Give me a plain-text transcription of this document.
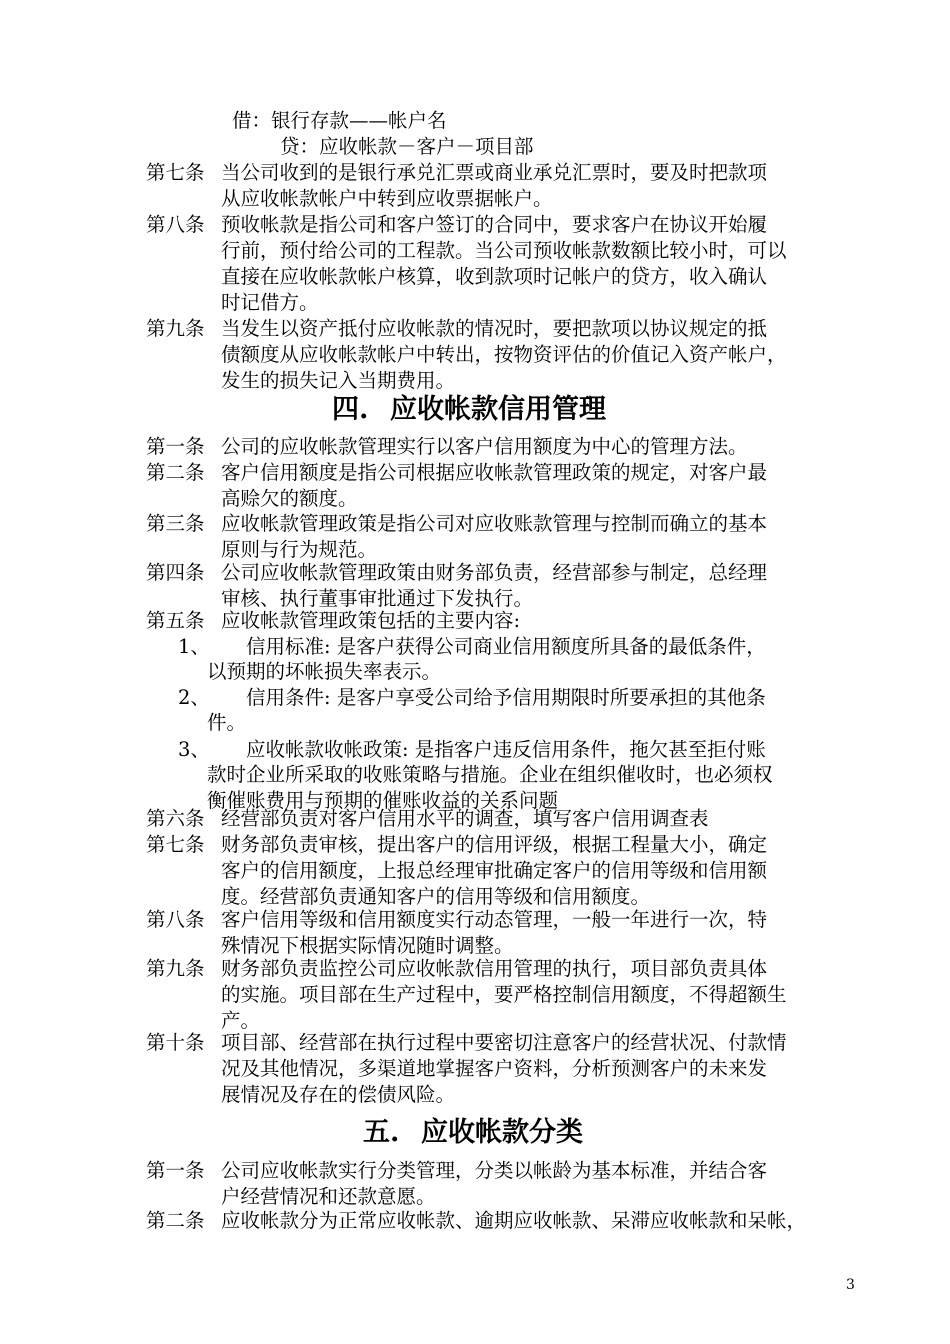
借：银行存款——帐户名
贷：应收帐款－客户－项目部
第七条 当公司收到的是银行承兑汇票或商业承兑汇票时，要及时把款项
从应收帐款帐户中转到应收票据帐户。
第八条 预收帐款是指公司和客户签订的合同中，要求客户在协议开始履
行前，预付给公司的工程款。当公司预收帐款数额比较小时，可以
直接在应收帐款帐户核算，收到款项时记帐户的贷方，收入确认
时记借方。
第九条 当发生以资产抵付应收帐款的情况时，要把款项以协议规定的抵
债额度从应收帐款帐户中转出，按物资评估的价值记入资产帐户，
发生的损失记入当期费用。
四. 应收帐款信用管理
第一条 公司的应收帐款管理实行以客户信用额度为中心的管理方法。
第二条 客户信用额度是指公司根据应收帐款管理政策的规定，对客户最
高赊欠的额度。
第三条 应收帐款管理政策是指公司对应收账款管理与控制而确立的基本
原则与行为规范。
第四条 公司应收帐款管理政策由财务部负责，经营部参与制定，总经理
审核、执行董事审批通过下发执行。
第五条 应收帐款管理政策包括的主要内容:
1、 信用标准: 是客户获得公司商业信用额度所具备的最低条件，
以预期的坏帐损失率表示。
2、 信用条件: 是客户享受公司给予信用期限时所要承担的其他条
件。
3、 应收帐款收帐政策: 是指客户违反信用条件，拖欠甚至拒付账
款时企业所采取的收账策略与措施。企业在组织催收时，也必须权
衡催账费用与预期的催账收益的关系问题
第六条 经营部负责对客户信用水平的调查，填写客户信用调查表
第七条 财务部负责审核，提出客户的信用评级，根据工程量大小，确定
客户的信用额度，上报总经理审批确定客户的信用等级和信用额
度。经营部负责通知客户的信用等级和信用额度。
第八条 客户信用等级和信用额度实行动态管理，一般一年进行一次，特
殊情况下根据实际情况随时调整。
第九条 财务部负责监控公司应收帐款信用管理的执行，项目部负责具体
的实施。项目部在生产过程中，要严格控制信用额度，不得超额生
产。
第十条 项目部、经营部在执行过程中要密切注意客户的经营状况、付款情
况及其他情况，多渠道地掌握客户资料，分析预测客户的未来发
展情况及存在的偿债风险。
五. 应收帐款分类
第一条 公司应收帐款实行分类管理，分类以帐龄为基本标准，并结合客
户经营情况和还款意愿。
第二条 应收帐款分为正常应收帐款、逾期应收帐款、呆滞应收帐款和呆帐，
3
